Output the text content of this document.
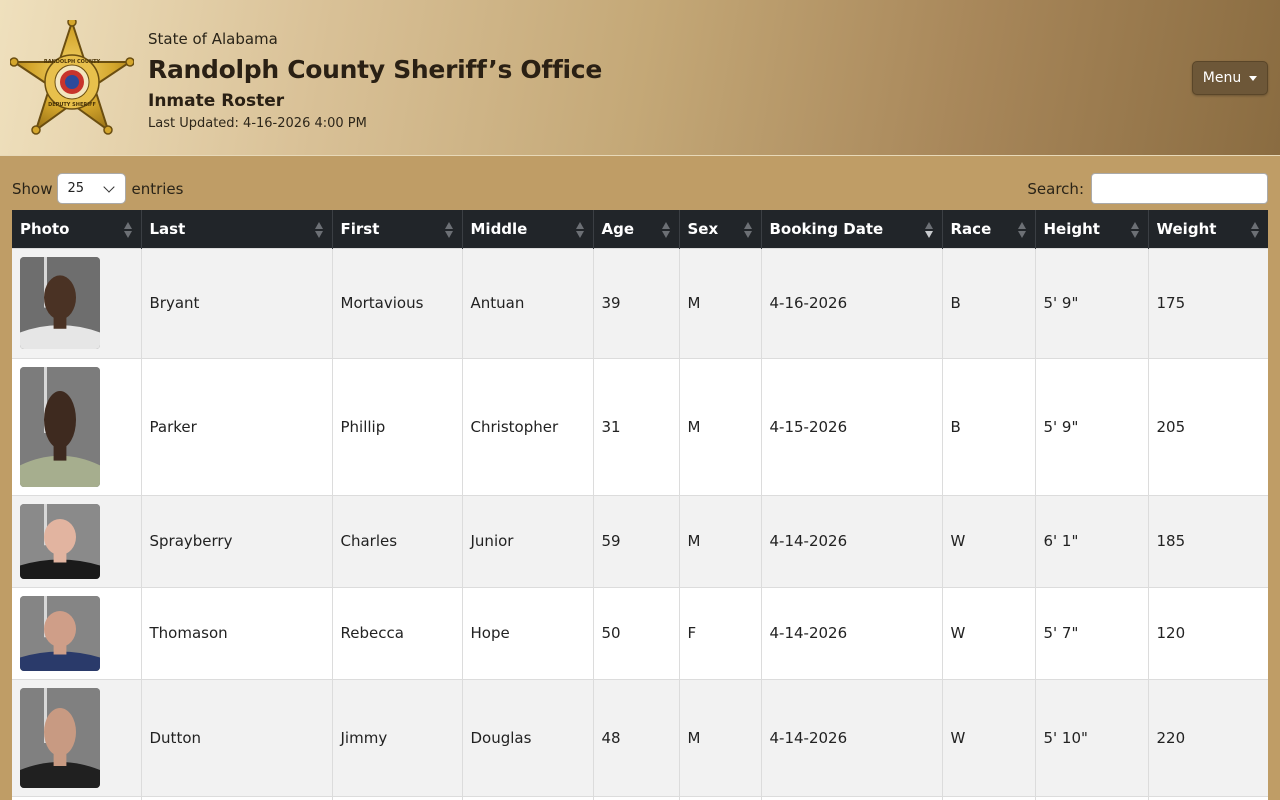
RANDOLPH COUNTY
DEPUTY SHERIFF
State of Alabama
Randolph County Sheriff’s Office
Inmate Roster
Last Updated: 4-16-2026 4:00 PM
Menu
Show 25	entries	Search:
Photo	Last	First	Middle	Age	Sex	Booking Date	Race	Height	Weight

	Bryant	Mortavious	Antuan	39	M	4-16-2026	B	5' 9"	175

	Parker	Phillip	Christopher	31	M	4-15-2026	B	5' 9"	205

	Sprayberry	Charles	Junior	59	M	4-14-2026	W	6' 1"	185

	Thomason	Rebecca	Hope	50	F	4-14-2026	W	5' 7"	120

	Dutton	Jimmy	Douglas	48	M	4-14-2026	W	5' 10"	220
